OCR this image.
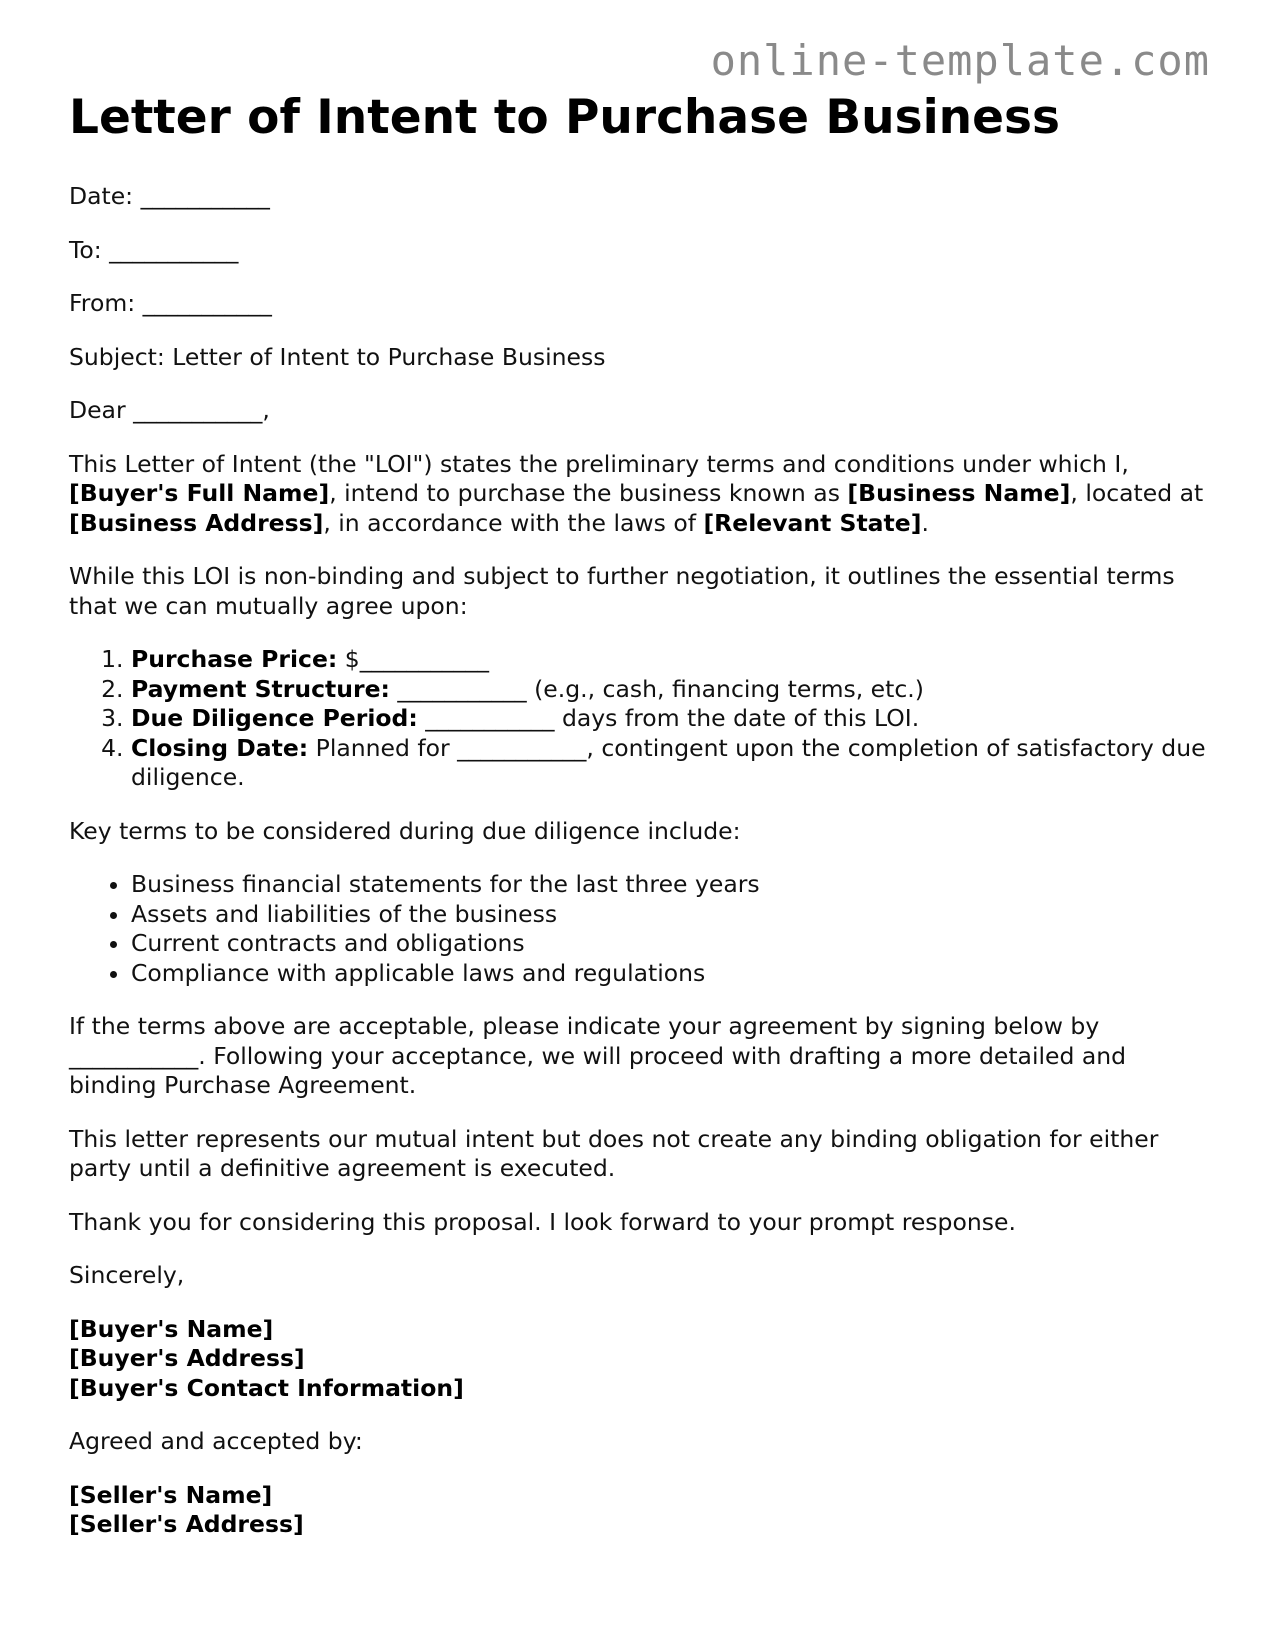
online-template.com
Letter of Intent to Purchase Business

Date: ___________

To: ___________

From: ___________

Subject: Letter of Intent to Purchase Business

Dear ___________,

This Letter of Intent (the "LOI") states the preliminary terms and conditions under which I, [Buyer's Full Name], intend to purchase the business known as [Business Name], located at [Business Address], in accordance with the laws of [Relevant State].

While this LOI is non-binding and subject to further negotiation, it outlines the essential terms that we can mutually agree upon:

1. Purchase Price: $___________
2. Payment Structure: ___________ (e.g., cash, financing terms, etc.)
3. Due Diligence Period: ___________ days from the date of this LOI.
4. Closing Date: Planned for ___________, contingent upon the completion of satisfactory due diligence.

Key terms to be considered during due diligence include:

• Business financial statements for the last three years
• Assets and liabilities of the business
• Current contracts and obligations
• Compliance with applicable laws and regulations

If the terms above are acceptable, please indicate your agreement by signing below by ___________. Following your acceptance, we will proceed with drafting a more detailed and binding Purchase Agreement.

This letter represents our mutual intent but does not create any binding obligation for either party until a definitive agreement is executed.

Thank you for considering this proposal. I look forward to your prompt response.

Sincerely,

[Buyer's Name]

[Buyer's Address]

[Buyer's Contact Information]

Agreed and accepted by:

[Seller's Name]

[Seller's Address]
